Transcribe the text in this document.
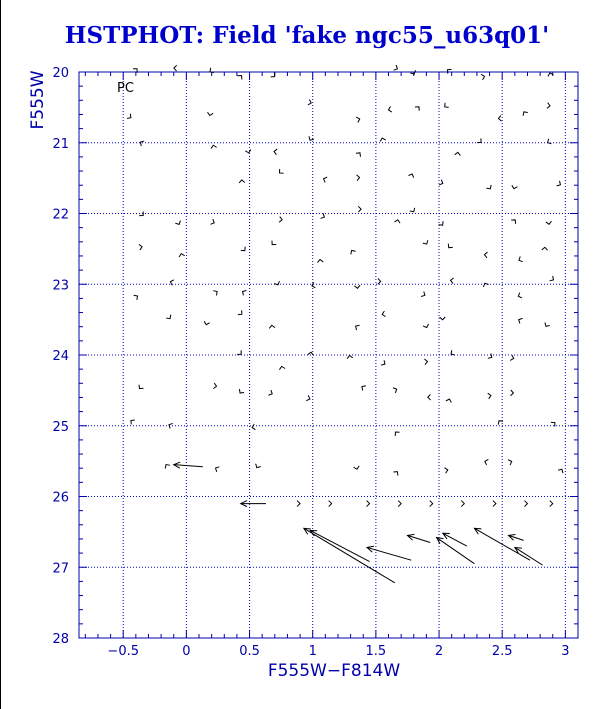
HSTPHOT: Field 'fake ngc55_u63q01'
−0.5	0	0.5	1	1.5	2	2.5	3
20
21
22
23
24
25
26
27
28
F555W−F814W
F555W	PC
